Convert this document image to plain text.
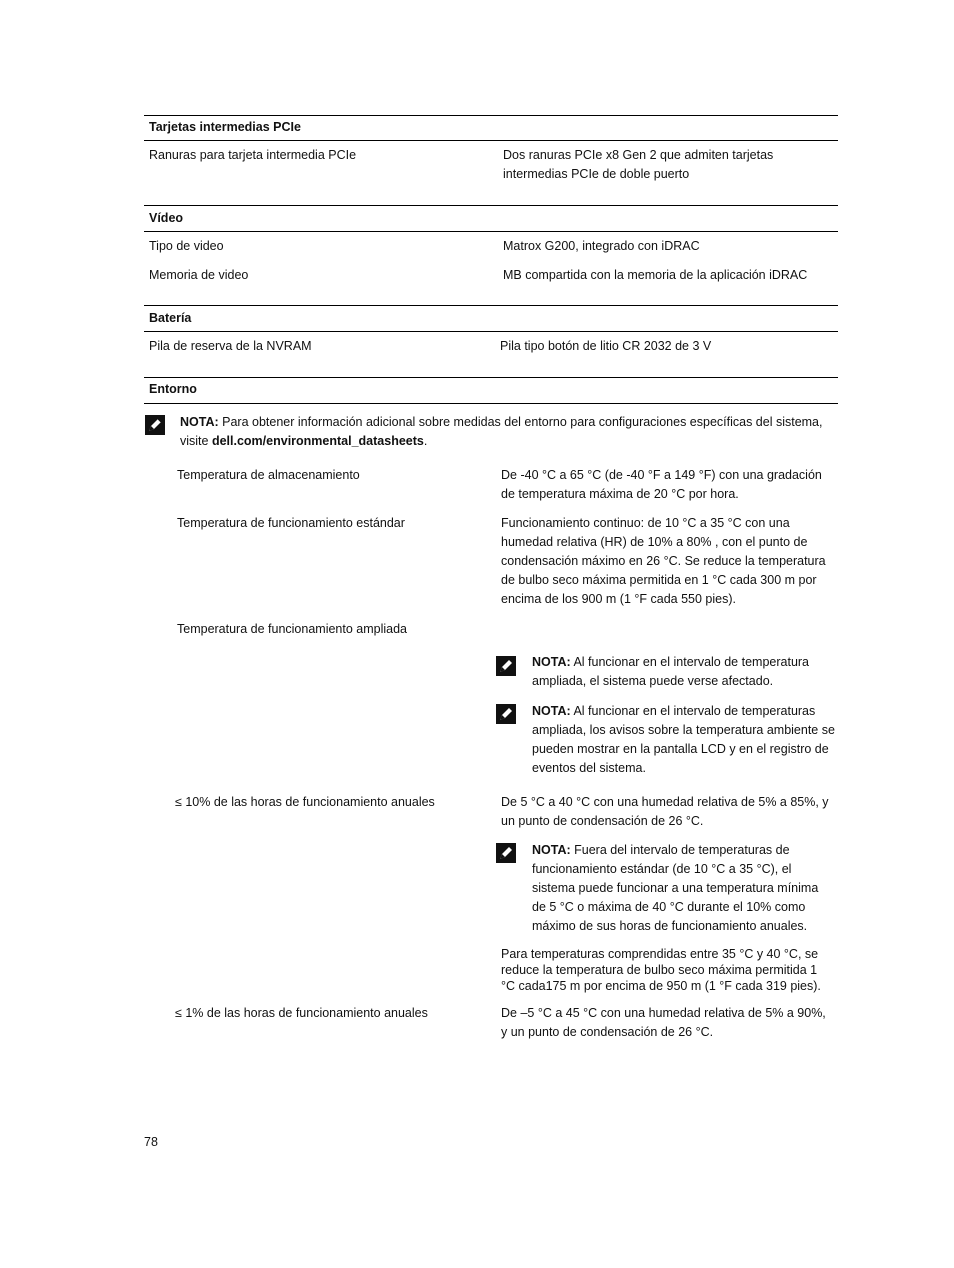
Tarjetas intermedias PCIe
Ranuras para tarjeta intermedia PCIe	Dos ranuras PCIe x8 Gen 2 que admiten tarjetas intermedias PCIe de doble puerto
Vídeo
Tipo de video	Matrox G200, integrado con iDRAC
Memoria de video	MB compartida con la memoria de la aplicación iDRAC
Batería
Pila de reserva de la NVRAM	Pila tipo botón de litio CR 2032 de 3 V
Entorno
NOTA: Para obtener información adicional sobre medidas del entorno para configuraciones específicas del sistema, visite dell.com/environmental_datasheets.
Temperatura de almacenamiento	De -40 °C a 65 °C (de -40 °F a 149 °F) con una gradación de temperatura máxima de 20 °C por hora.
Temperatura de funcionamiento estándar	Funcionamiento continuo: de 10 °C a 35 °C con una humedad relativa (HR) de 10% a 80% , con el punto de condensación máximo en 26 °C. Se reduce la temperatura de bulbo seco máxima permitida en 1 °C cada 300 m por encima de los 900 m (1 °F cada 550 pies).
Temperatura de funcionamiento ampliada
NOTA: Al funcionar en el intervalo de temperatura ampliada, el sistema puede verse afectado.
NOTA: Al funcionar en el intervalo de temperaturas ampliada, los avisos sobre la temperatura ambiente se pueden mostrar en la pantalla LCD y en el registro de eventos del sistema.
≤ 10% de las horas de funcionamiento anuales	De 5 °C a 40 °C con una humedad relativa de 5% a 85%, y un punto de condensación de 26 °C.
NOTA: Fuera del intervalo de temperaturas de funcionamiento estándar (de 10 °C a 35 °C), el sistema puede funcionar a una temperatura mínima de 5 °C o máxima de 40 °C durante el 10% como máximo de sus horas de funcionamiento anuales.
Para temperaturas comprendidas entre 35 °C y 40 °C, se reduce la temperatura de bulbo seco máxima permitida 1 °C cada175 m por encima de 950 m (1 °F cada 319 pies).
≤ 1% de las horas de funcionamiento anuales	De –5 °C a 45 °C con una humedad relativa de 5% a 90%, y un punto de condensación de 26 °C.
78
